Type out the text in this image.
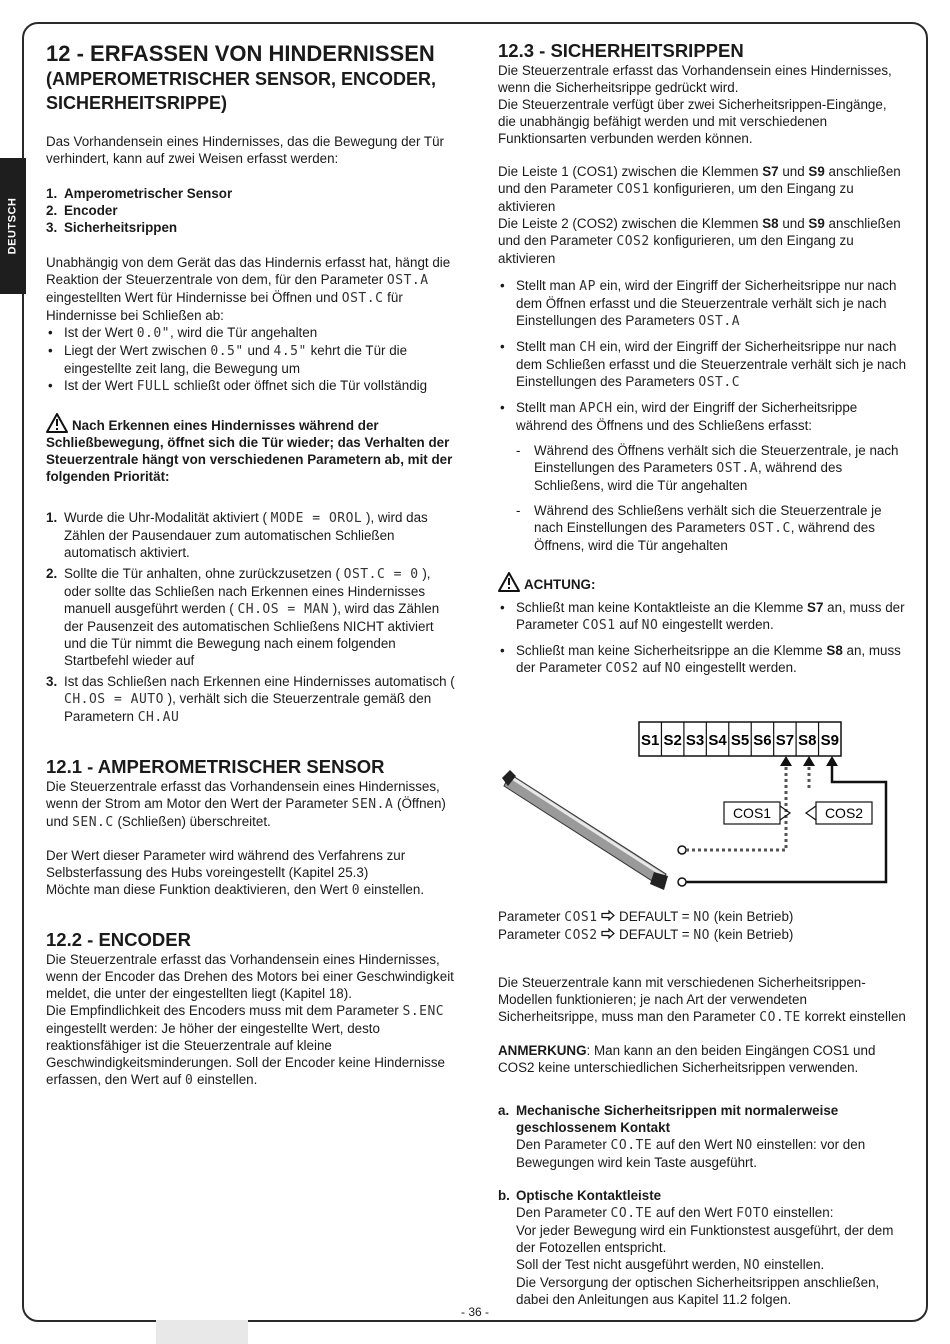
DEUTSCH
12 - ERFASSEN VON HINDERNISSEN
(AMPEROMETRISCHER SENSOR, ENCODER,
SICHERHEITSRIPPE)

Das Vorhandensein eines Hindernisses, das die Bewegung der Tür verhindert, kann auf zwei Weisen erfasst werden:

1. Amperometrischer Sensor
2. Encoder
3. Sicherheitsrippen

Unabhängig von dem Gerät das das Hindernis erfasst hat, hängt die Reaktion der Steuerzentrale von dem, für den Parameter OST.A eingestellten Wert für Hindernisse bei Öffnen und OST.C für Hindernisse bei Schließen ab:

• Ist der Wert 0.0", wird die Tür angehalten
• Liegt der Wert zwischen 0.5" und 4.5" kehrt die Tür die eingestellte zeit lang, die Bewegung um
• Ist der Wert FULL schließt oder öffnet sich die Tür vollständig

Nach Erkennen eines Hindernisses während der Schließbewegung, öffnet sich die Tür wieder; das Verhalten der Steuerzentrale hängt von verschiedenen Parametern ab, mit der folgenden Priorität:

1. Wurde die Uhr-Modalität aktiviert ( MODE = OROL ), wird das Zählen der Pausendauer zum automatischen Schließen automatisch aktiviert.
2. Sollte die Tür anhalten, ohne zurückzusetzen ( OST.C = 0 ), oder sollte das Schließen nach Erkennen eines Hindernisses manuell ausgeführt werden ( CH.OS = MAN ), wird das Zählen der Pausenzeit des automatischen Schließens NICHT aktiviert und die Tür nimmt die Bewegung nach einem folgenden Startbefehl wieder auf
3. Ist das Schließen nach Erkennen eine Hindernisses automatisch ( CH.OS = AUTO ), verhält sich die Steuerzentrale gemäß den Parametern CH.AU
12.1 - AMPEROMETRISCHER SENSOR

Die Steuerzentrale erfasst das Vorhandensein eines Hindernisses, wenn der Strom am Motor den Wert der Parameter SEN.A (Öffnen) und SEN.C (Schließen) überschreitet.

Der Wert dieser Parameter wird während des Verfahrens zur Selbsterfassung des Hubs voreingestellt (Kapitel 25.3)

Möchte man diese Funktion deaktivieren, den Wert 0 einstellen.

12.2 - ENCODER

Die Steuerzentrale erfasst das Vorhandensein eines Hindernisses, wenn der Encoder das Drehen des Motors bei einer Geschwindigkeit meldet, die unter der eingestellten liegt (Kapitel 18).

Die Empfindlichkeit des Encoders muss mit dem Parameter S.ENC eingestellt werden: Je höher der eingestellte Wert, desto reaktionsfähiger ist die Steuerzentrale auf kleine Geschwindigkeitsminderungen. Soll der Encoder keine Hindernisse erfassen, den Wert auf 0 einstellen.

12.3 - SICHERHEITSRIPPEN

Die Steuerzentrale erfasst das Vorhandensein eines Hindernisses, wenn die Sicherheitsrippe gedrückt wird.

Die Steuerzentrale verfügt über zwei Sicherheitsrippen-Eingänge, die unabhängig befähigt werden und mit verschiedenen Funktionsarten verbunden werden können.

Die Leiste 1 (COS1) zwischen die Klemmen S7 und S9 anschließen und den Parameter COS1 konfigurieren, um den Eingang zu aktivieren

Die Leiste 2 (COS2) zwischen die Klemmen S8 und S9 anschließen und den Parameter COS2 konfigurieren, um den Eingang zu aktivieren

• Stellt man AP ein, wird der Eingriff der Sicherheitsrippe nur nach dem Öffnen erfasst und die Steuerzentrale verhält sich je nach Einstellungen des Parameters OST.A
• Stellt man CH ein, wird der Eingriff der Sicherheitsrippe nur nach dem Schließen erfasst und die Steuerzentrale verhält sich je nach Einstellungen des Parameters OST.C
• Stellt man APCH ein, wird der Eingriff der Sicherheitsrippe während des Öffnens und des Schließens erfasst:
- Während des Öffnens verhält sich die Steuerzentrale, je nach Einstellungen des Parameters OST.A, während des Schließens, wird die Tür angehalten
- Während des Schließens verhält sich die Steuerzentrale je nach Einstellungen des Parameters OST.C, während des Öffnens, wird die Tür angehalten

ACHTUNG:

• Schließt man keine Kontaktleiste an die Klemme S7 an, muss der Parameter COS1 auf NO eingestellt werden.
• Schließt man keine Sicherheitsrippe an die Klemme S8 an, muss der Parameter COS2 auf NO eingestellt werden.
S1 S2 S3 S4 S5 S6 S7 S8 S9
COS1	COS2

Parameter COS1 DEFAULT = NO (kein Betrieb)

Parameter COS2 DEFAULT = NO (kein Betrieb)

Die Steuerzentrale kann mit verschiedenen Sicherheitsrippen-Modellen funktionieren; je nach Art der verwendeten Sicherheitsrippe, muss man den Parameter CO.TE korrekt einstellen

ANMERKUNG: Man kann an den beiden Eingängen COS1 und COS2 keine unterschiedlichen Sicherheitsrippen verwenden.

a. Mechanische Sicherheitsrippen mit normalerweise geschlossenem Kontakt
Den Parameter CO.TE auf den Wert NO einstellen: vor den Bewegungen wird kein Taste ausgeführt.
b. Optische Kontaktleiste
Den Parameter CO.TE auf den Wert FOTO einstellen:
Vor jeder Bewegung wird ein Funktionstest ausgeführt, der dem der Fotozellen entspricht.
Soll der Test nicht ausgeführt werden, NO einstellen.
Die Versorgung der optischen Sicherheitsrippen anschließen, dabei den Anleitungen aus Kapitel 11.2 folgen.
- 36 -
